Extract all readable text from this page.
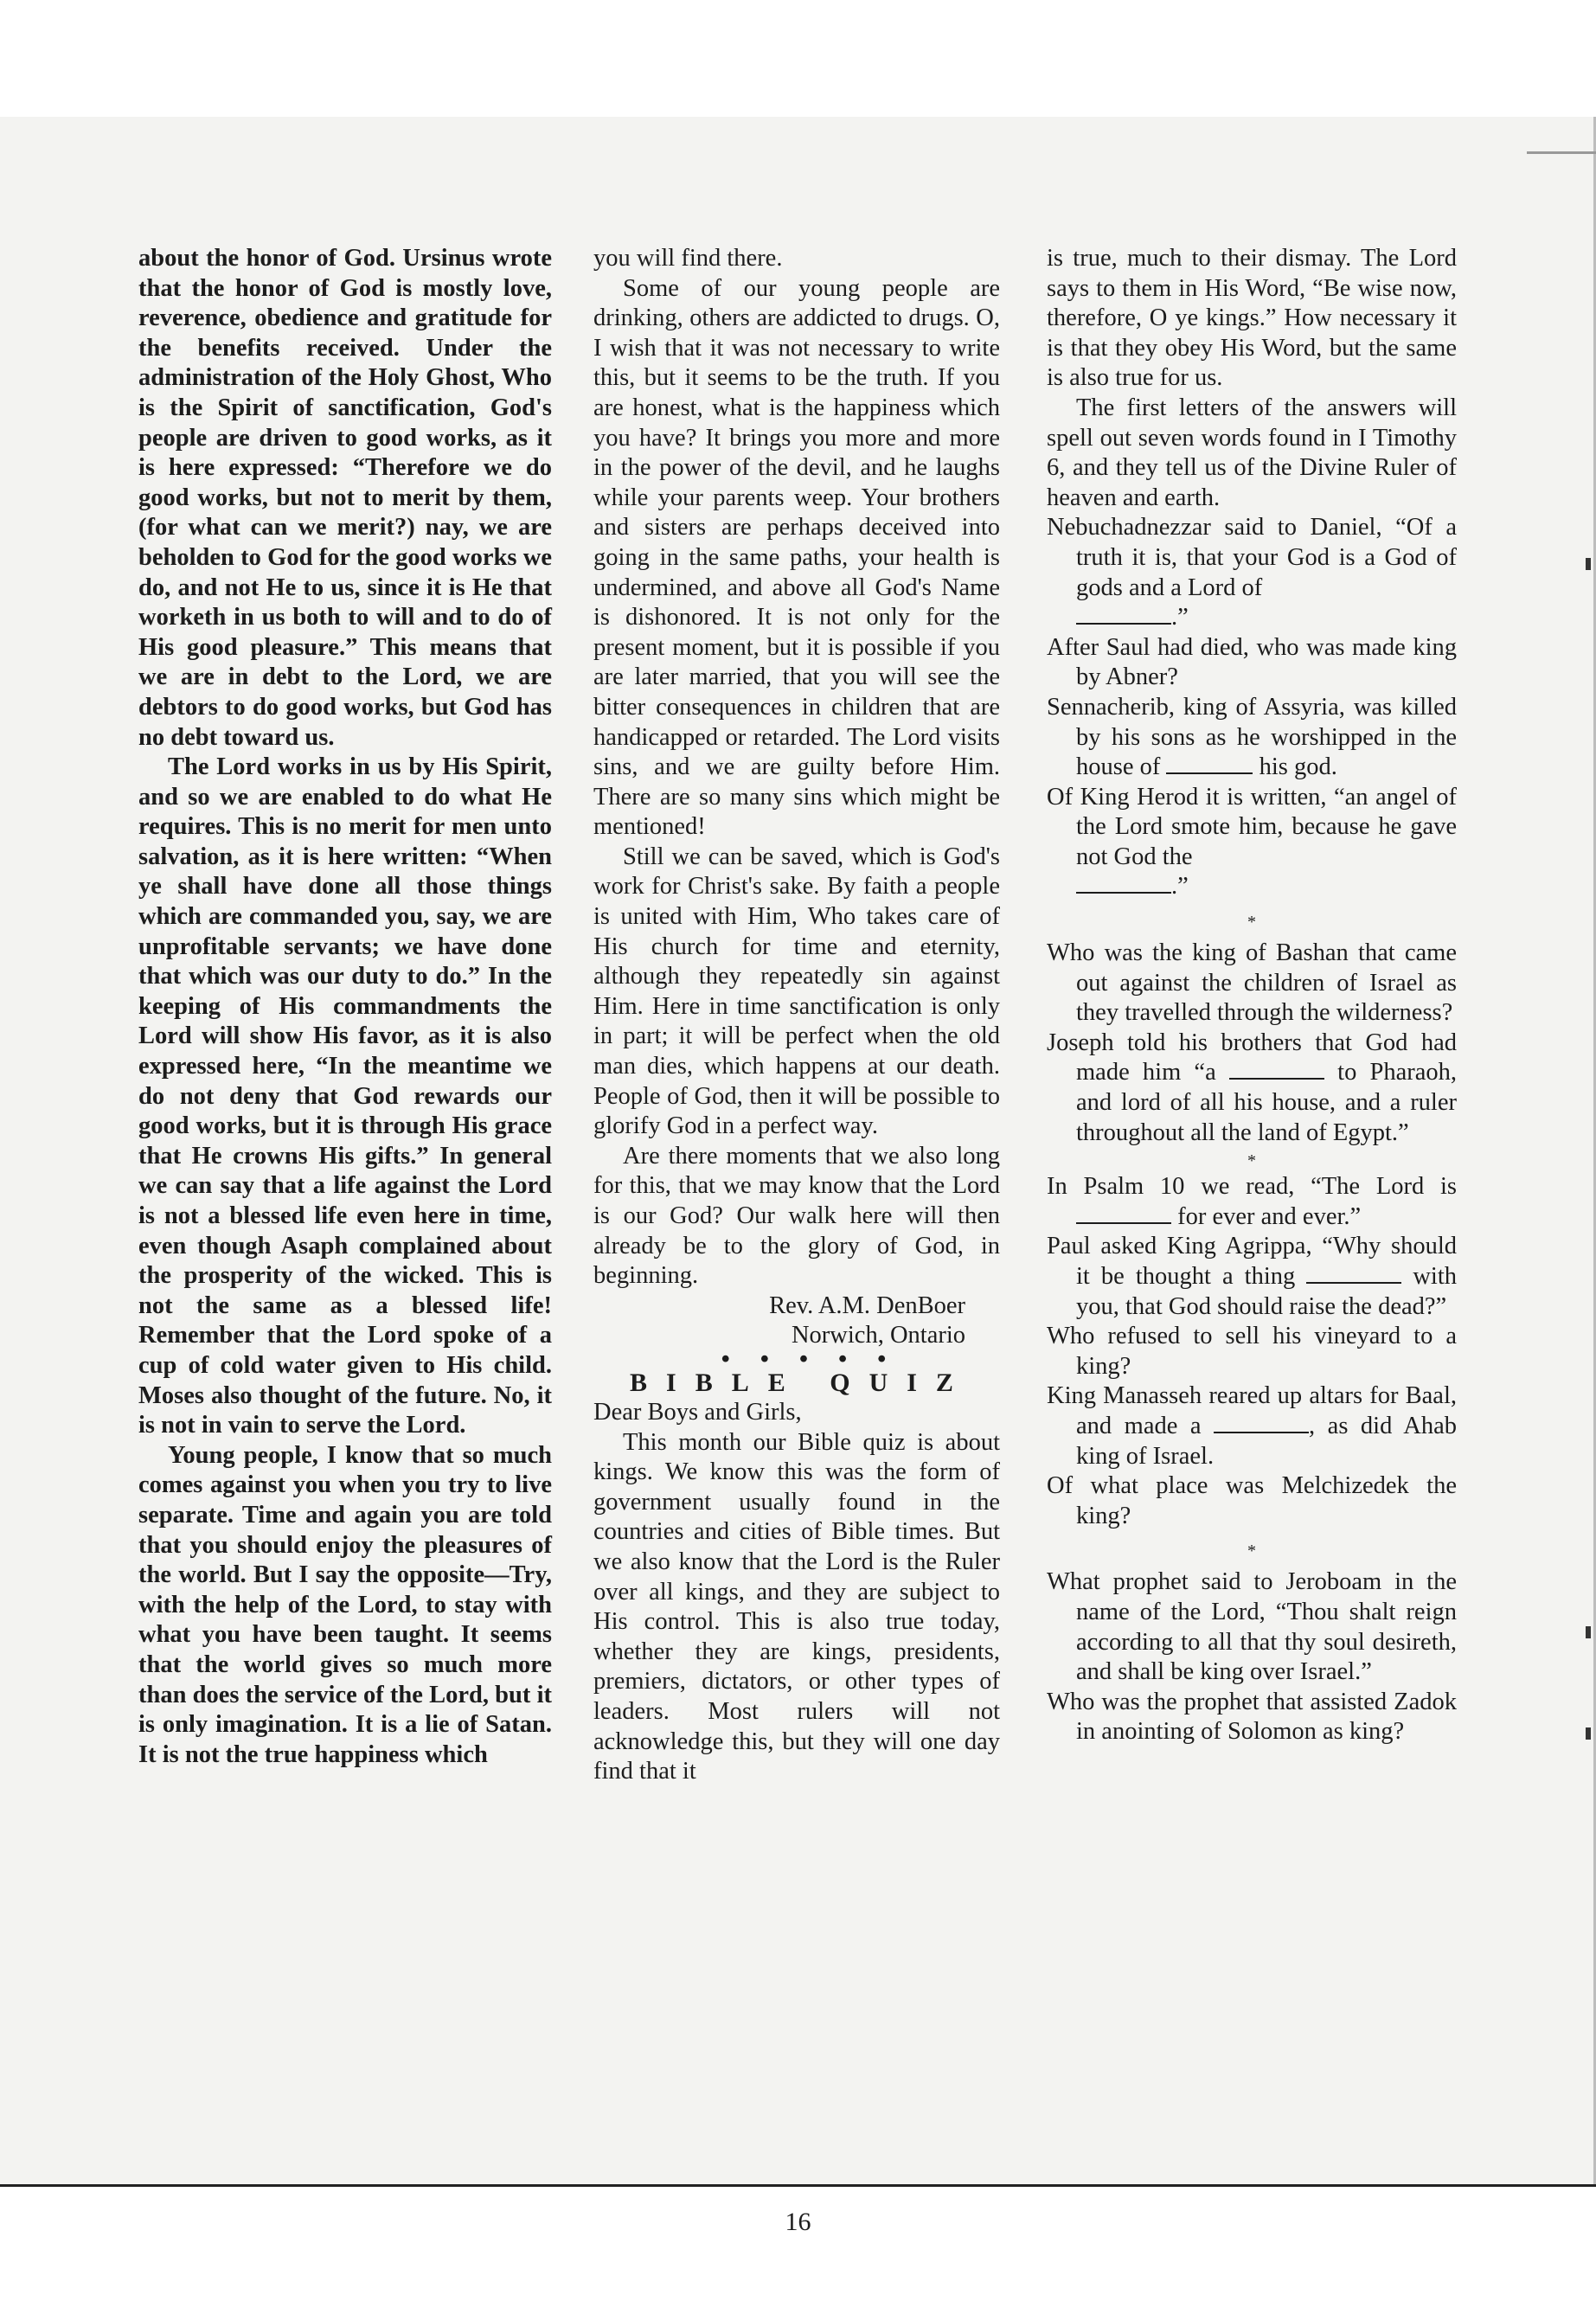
about the honor of God. Ursinus wrote that the honor of God is mostly love, reverence, obedience and gratitude for the benefits received. Under the administration of the Holy Ghost, Who is the Spirit of sanctification, God's people are driven to good works, as it is here expressed: “Therefore we do good works, but not to merit by them, (for what can we merit?) nay, we are beholden to God for the good works we do, and not He to us, since it is He that worketh in us both to will and to do of His good pleasure.” This means that we are in debt to the Lord, we are debtors to do good works, but God has no debt toward us.

The Lord works in us by His Spirit, and so we are enabled to do what He requires. This is no merit for men unto salvation, as it is here written: “When ye shall have done all those things which are commanded you, say, we are unprofitable servants; we have done that which was our duty to do.” In the keeping of His commandments the Lord will show His favor, as it is also expressed here, “In the meantime we do not deny that God rewards our good works, but it is through His grace that He crowns His gifts.” In general we can say that a life against the Lord is not a blessed life even here in time, even though Asaph complained about the prosperity of the wicked. This is not the same as a blessed life! Remember that the Lord spoke of a cup of cold water given to His child. Moses also thought of the future. No, it is not in vain to serve the Lord.

Young people, I know that so much comes against you when you try to live separate. Time and again you are told that you should enjoy the pleasures of the world. But I say the opposite—Try, with the help of the Lord, to stay with what you have been taught. It seems that the world gives so much more than does the service of the Lord, but it is only imagination. It is a lie of Satan. It is not the true happiness which

you will find there.

Some of our young people are drinking, others are addicted to drugs. O, I wish that it was not necessary to write this, but it seems to be the truth. If you are honest, what is the happiness which you have? It brings you more and more in the power of the devil, and he laughs while your parents weep. Your brothers and sisters are perhaps deceived into going in the same paths, your health is undermined, and above all God's Name is dishonored. It is not only for the present moment, but it is possible if you are later married, that you will see the bitter consequences in children that are handicapped or retarded. The Lord visits sins, and we are guilty before Him. There are so many sins which might be mentioned!

Still we can be saved, which is God's work for Christ's sake. By faith a people is united with Him, Who takes care of His church for time and eternity, although they repeatedly sin against Him. Here in time sanctification is only in part; it will be perfect when the old man dies, which happens at our death. People of God, then it will be possible to glorify God in a perfect way.

Are there moments that we also long for this, that we may know that the Lord is our God? Our walk here will then already be to the glory of God, in beginning.

Rev. A.M. DenBoer
Norwich, Ontario
• • • • •
BIBLE QUIZ

Dear Boys and Girls,

This month our Bible quiz is about kings. We know this was the form of government usually found in the countries and cities of Bible times. But we also know that the Lord is the Ruler over all kings, and they are subject to His control. This is also true today, whether they are kings, presidents, premiers, dictators, or other types of leaders. Most rulers will not acknowledge this, but they will one day find that it

is true, much to their dismay. The Lord says to them in His Word, “Be wise now, therefore, O ye kings.” How necessary it is that they obey His Word, but the same is also true for us.

The first letters of the answers will spell out seven words found in I Timothy 6, and they tell us of the Divine Ruler of heaven and earth.

Nebuchadnezzar said to Daniel, “Of a truth it is, that your God is a God of gods and a Lord of
.”

After Saul had died, who was made king by Abner?

Sennacherib, king of Assyria, was killed by his sons as he worshipped in the house of	his god.

Of King Herod it is written, “an angel of the Lord smote him, because he gave not God the
.”

*

Who was the king of Bashan that came out against the children of Israel as they travelled through the wilderness?

Joseph told his brothers that God had made him “a	to Pharaoh, and lord of all his house, and a ruler throughout all the land of Egypt.”

*

In Psalm 10 we read, “The Lord is  for ever and ever.”

Paul asked King Agrippa, “Why should it be thought a thing	with you, that God should raise the dead?”

Who refused to sell his vineyard to a king?

King Manasseh reared up altars for Baal, and made a	, as did Ahab king of Israel.

Of what place was Melchizedek the king?

*

What prophet said to Jeroboam in the name of the Lord, “Thou shalt reign according to all that thy soul desireth, and shall be king over Israel.”

Who was the prophet that assisted Zadok in anointing of Solomon as king?

16
